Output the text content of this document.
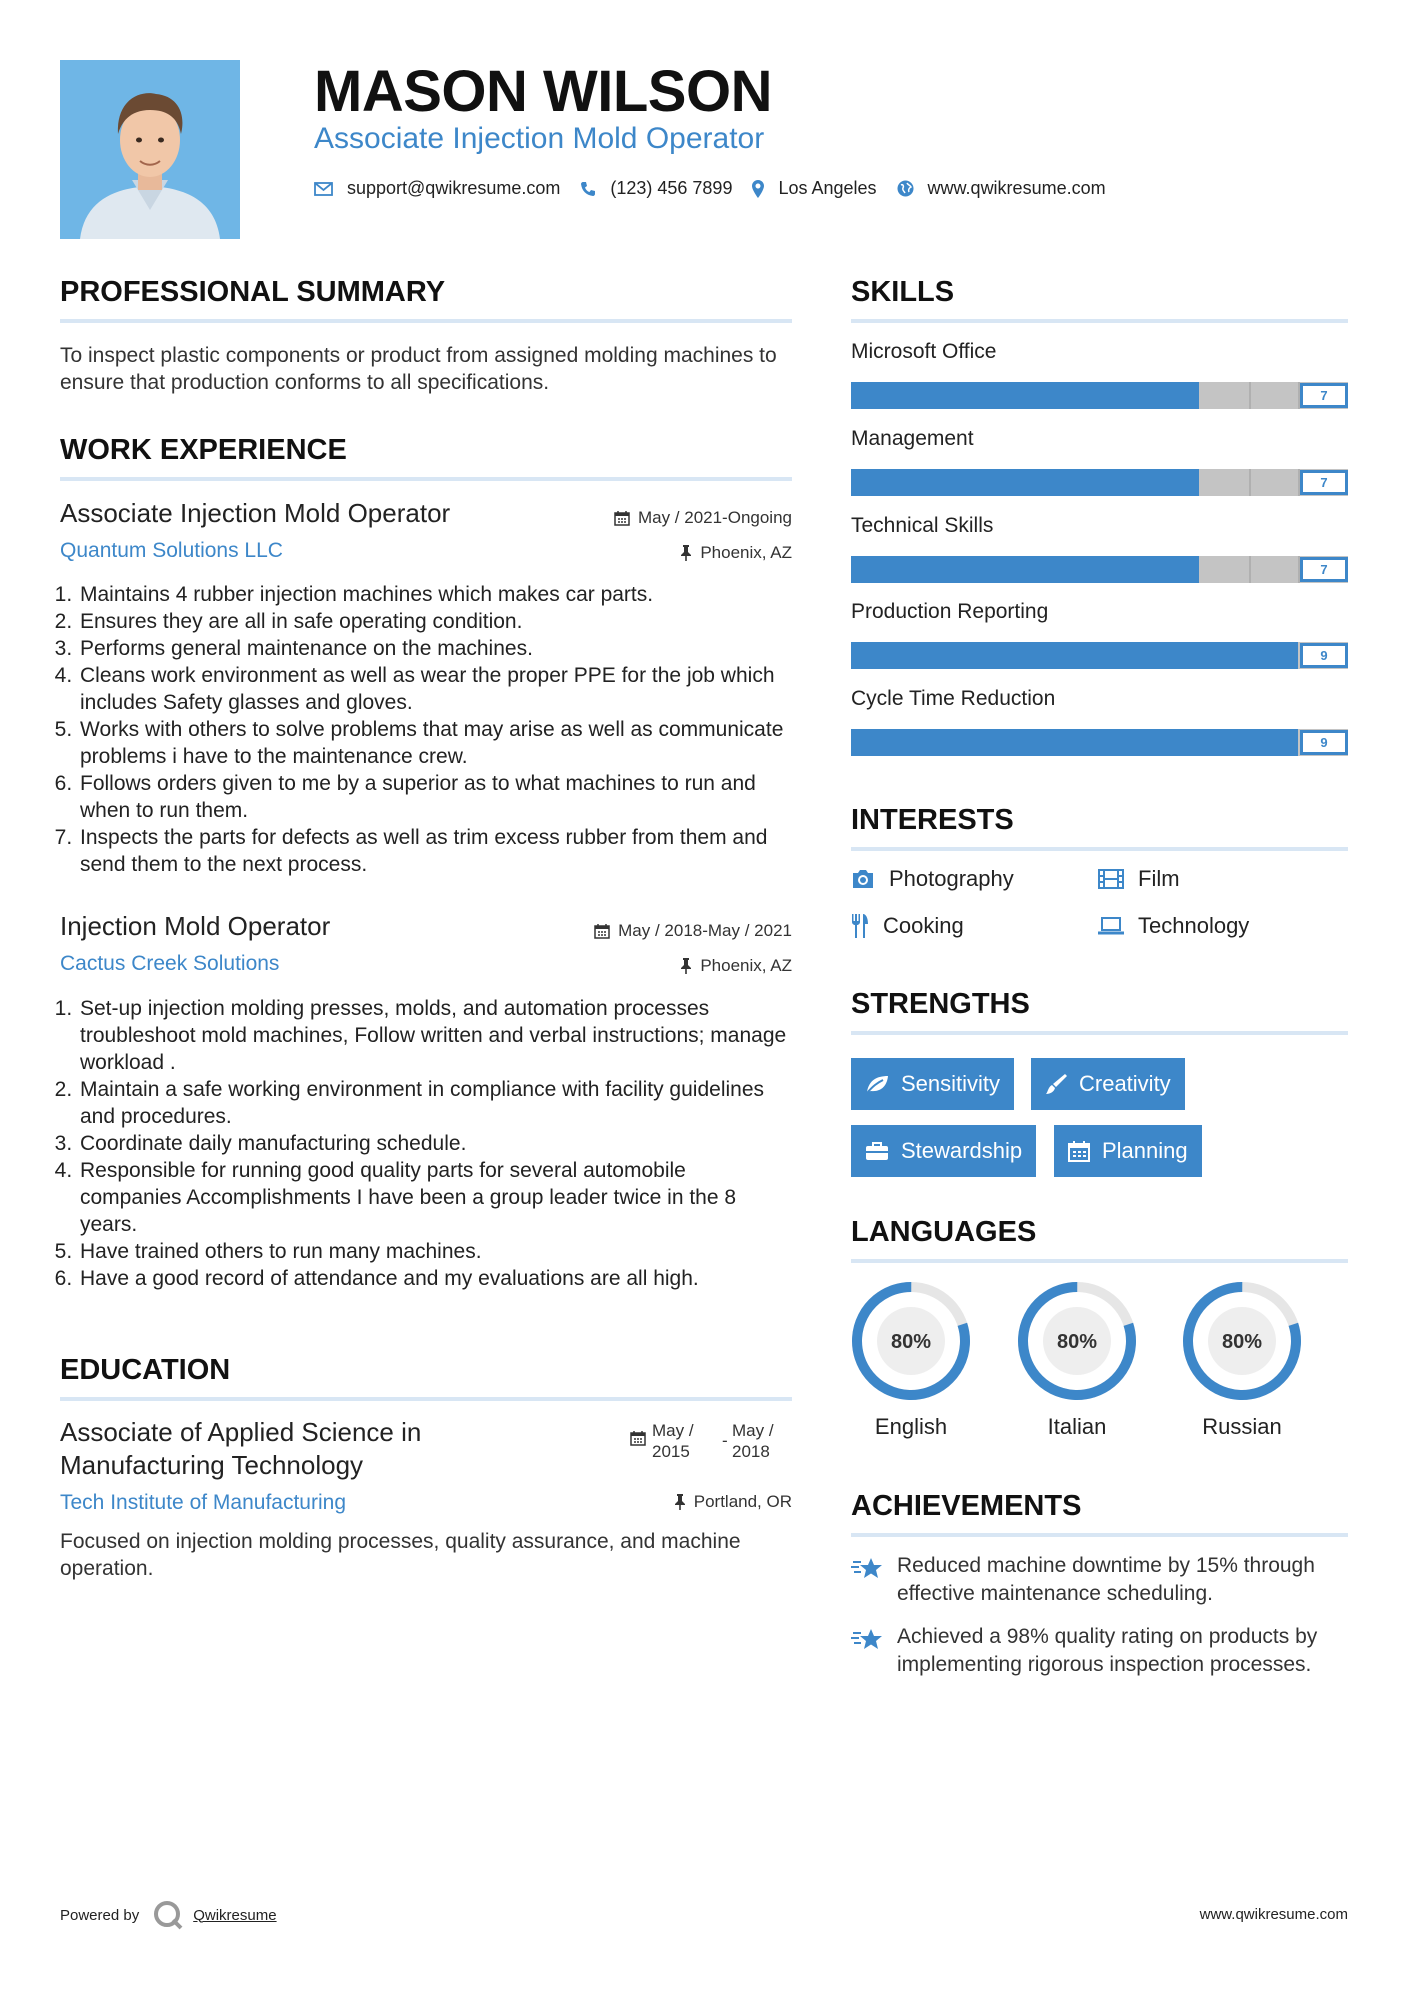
MASON WILSON
Associate Injection Mold Operator
support@qwikresume.com	(123) 456 7899	Los Angeles	www.qwikresume.com
PROFESSIONAL SUMMARY
To inspect plastic components or product from assigned molding machines to ensure that production conforms to all specifications.
WORK EXPERIENCE
Associate Injection Mold Operator	May / 2021-Ongoing
Quantum Solutions LLC	Phoenix, AZ
1. Maintains 4 rubber injection machines which makes car parts.
2. Ensures they are all in safe operating condition.
3. Performs general maintenance on the machines.
4. Cleans work environment as well as wear the proper PPE for the job which includes Safety glasses and gloves.
5. Works with others to solve problems that may arise as well as communicate problems i have to the maintenance crew.
6. Follows orders given to me by a superior as to what machines to run and when to run them.
7. Inspects the parts for defects as well as trim excess rubber from them and send them to the next process.
Injection Mold Operator	May / 2018-May / 2021
Cactus Creek Solutions	Phoenix, AZ
1. Set-up injection molding presses, molds, and automation processes troubleshoot mold machines, Follow written and verbal instructions; manage workload .
2. Maintain a safe working environment in compliance with facility guidelines and procedures.
3. Coordinate daily manufacturing schedule.
4. Responsible for running good quality parts for several automobile companies Accomplishments I have been a group leader twice in the 8 years.
5. Have trained others to run many machines.
6. Have a good record of attendance and my evaluations are all high.
EDUCATION
Associate of Applied Science in Manufacturing Technology
May / 2015
-
May / 2018
Tech Institute of Manufacturing	Portland, OR
Focused on injection molding processes, quality assurance, and machine operation.
SKILLS
Microsoft Office
7
Management
7
Technical Skills
7
Production Reporting
9
Cycle Time Reduction
9
INTERESTS
Photography	Film
Cooking	Technology
STRENGTHS
Sensitivity	Creativity
Stewardship	Planning
LANGUAGES
80%
English
80%
Italian
80%
Russian
ACHIEVEMENTS
Reduced machine downtime by 15% through effective maintenance scheduling.
Achieved a 98% quality rating on products by implementing rigorous inspection processes.
Powered by	Qwikresume	www.qwikresume.com
